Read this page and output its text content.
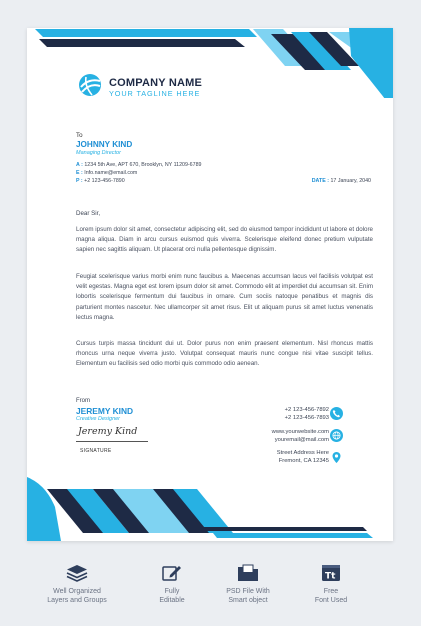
COMPANY NAME
YOUR TAGLINE HERE
To
JOHNNY KIND
Managing Director
A : 1234 5th Ave, APT 670, Brooklyn, NY 11209-6789
E : Info.name@email.com
P : +2 123-456-7890	DATE : 17 January, 2040
Dear Sir,

Lorem ipsum dolor sit amet, consectetur adipiscing elit, sed do eiusmod tempor incididunt ut labore et dolore magna aliqua. Diam in arcu cursus euismod quis viverra. Scelerisque eleifend donec pretium vulputate sapien nec sagittis aliquam. Ut placerat orci nulla pellentesque dignissim.

Feugiat scelerisque varius morbi enim nunc faucibus a. Maecenas accumsan lacus vel facilisis volutpat est velit egestas. Magna eget est lorem ipsum dolor sit amet. Commodo elit at imperdiet dui accumsan sit. Enim lobortis scelerisque fermentum dui faucibus in ornare. Cum sociis natoque penatibus et magnis dis parturient montes nascetur. Nec ullamcorper sit amet risus. Elit ut aliquam purus sit amet luctus venenatis lectus magna.

Cursus turpis massa tincidunt dui ut. Dolor purus non enim praesent elementum. Nisl rhoncus mattis rhoncus urna neque viverra justo. Volutpat consequat mauris nunc congue nisi vitae suscipit tellus. Elementum eu facilisis sed odio morbi quis commodo odio aenean.

From
JEREMY KIND
Creative Designer
Jeremy Kind
SIGNATURE
+2 123-456-7892
+2 123-456-7893
www.yourwebsite.com
youremail@mail.com
Street Address Here
Fremont, CA 12345
Well Organized
Layers and Groups
Fully
Editable
PSD File With
Smart object
Tt
Free
Font Used
